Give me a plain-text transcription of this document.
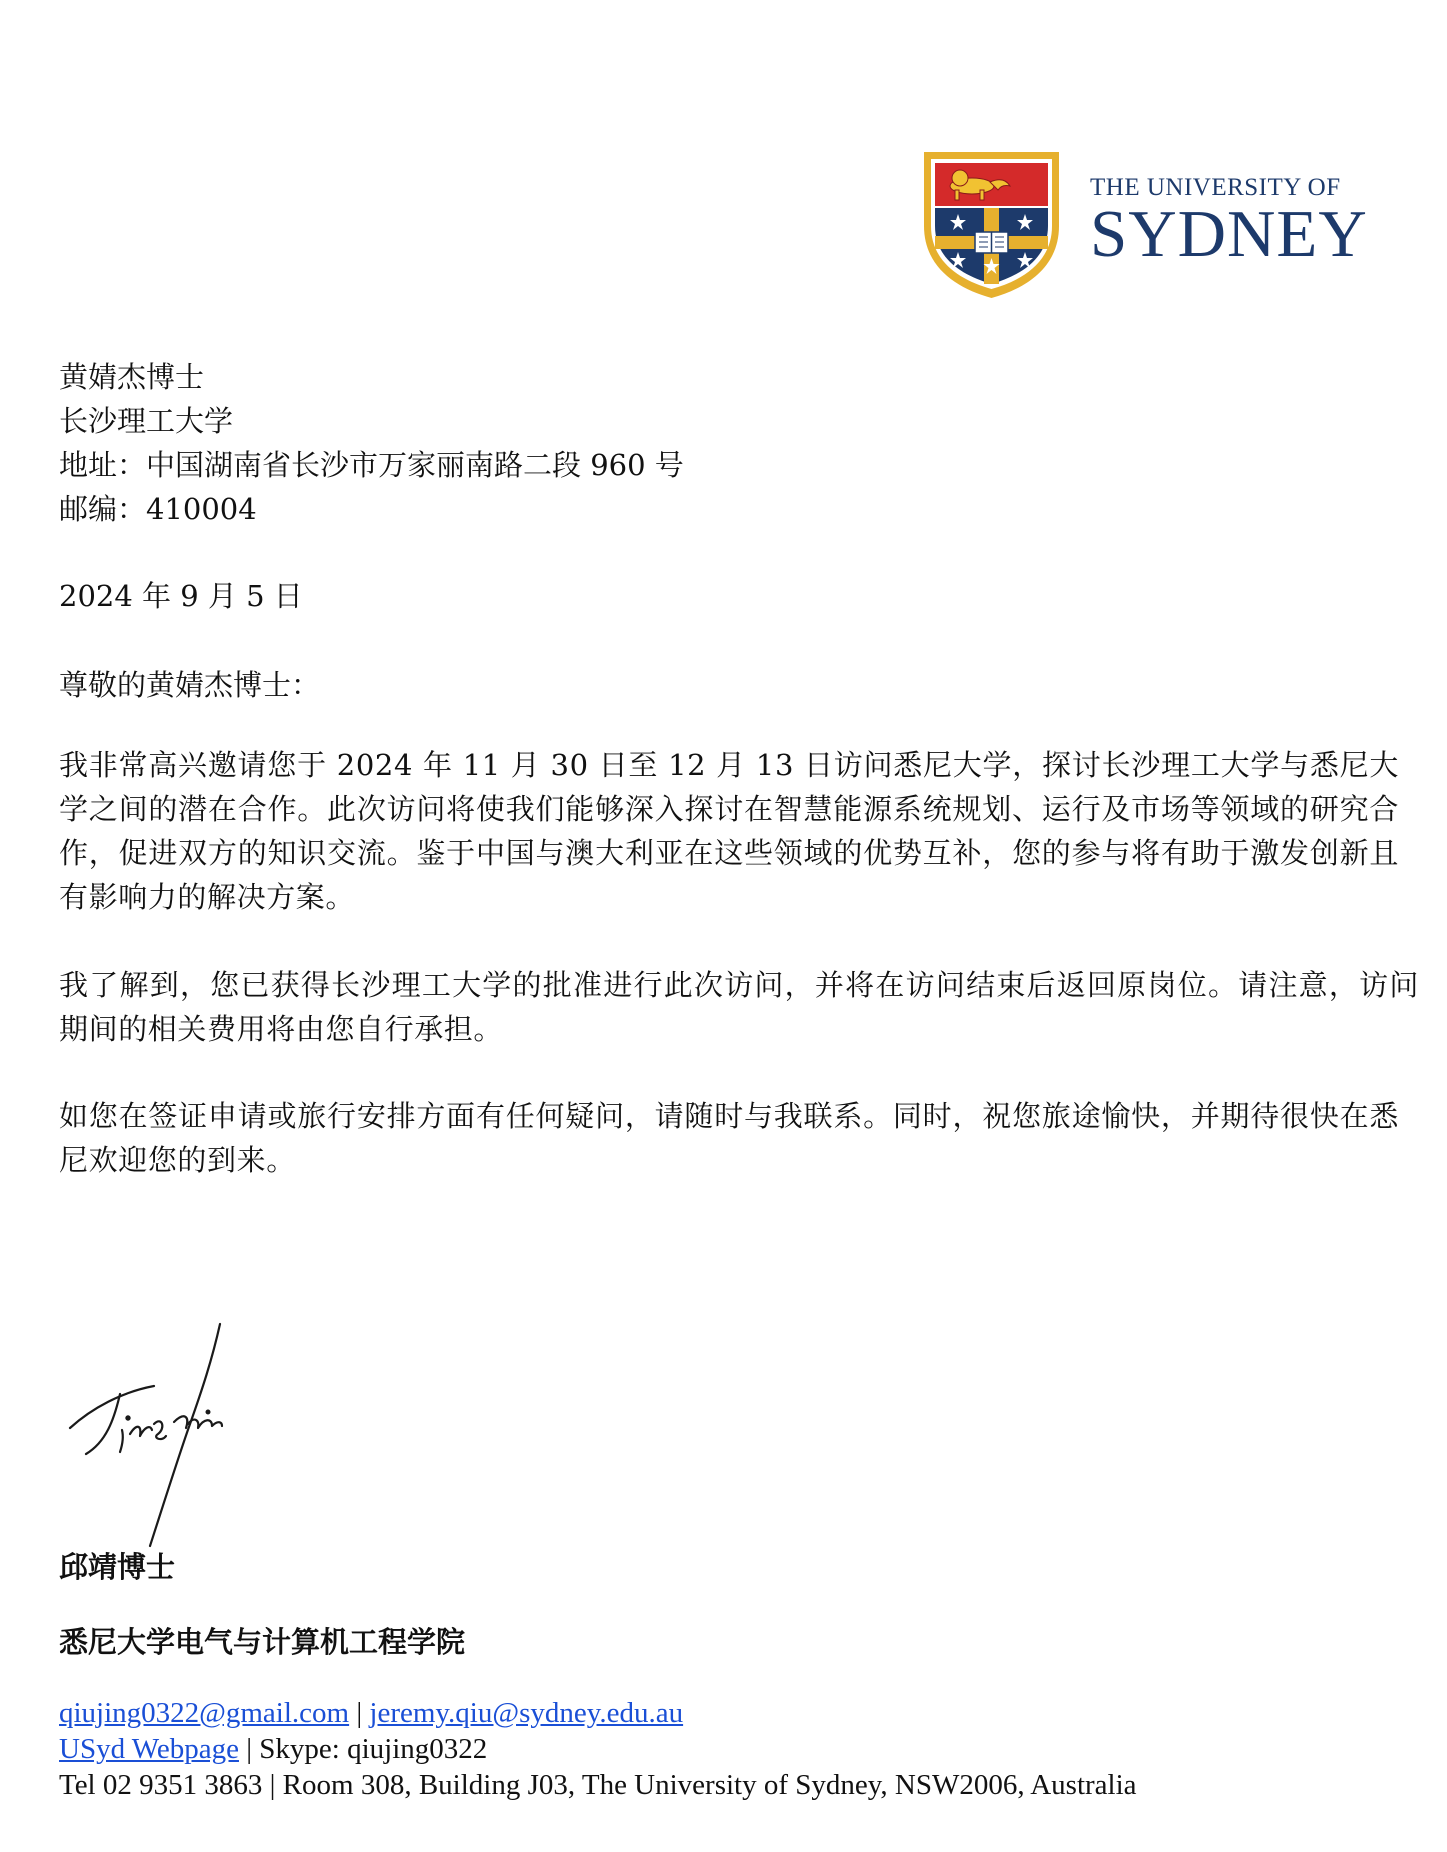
THE UNIVERSITY OF
SYDNEY
黄婧杰博士
长沙理工大学
地址：中国湖南省长沙市万家丽南路二段 960 号
邮编：410004
2024 年 9 月 5 日
尊敬的黄婧杰博士：
我非常高兴邀请您于 2024 年 11 月 30 日至 12 月 13 日访问悉尼大学，探讨长沙理工大学与悉尼大学之间的潜在合作。此次访问将使我们能够深入探讨在智慧能源系统规划、运行及市场等领域的研究合作，促进双方的知识交流。鉴于中国与澳大利亚在这些领域的优势互补，您的参与将有助于激发创新且有影响力的解决方案。
我了解到，您已获得长沙理工大学的批准进行此次访问，并将在访问结束后返回原岗位。请注意，访问期间的相关费用将由您自行承担。
如您在签证申请或旅行安排方面有任何疑问，请随时与我联系。同时，祝您旅途愉快，并期待很快在悉尼欢迎您的到来。
邱靖博士
悉尼大学电气与计算机工程学院
qiujing0322@gmail.com | jeremy.qiu@sydney.edu.au
USyd Webpage | Skype: qiujing0322
Tel 02 9351 3863 | Room 308, Building J03, The University of Sydney, NSW2006, Australia
